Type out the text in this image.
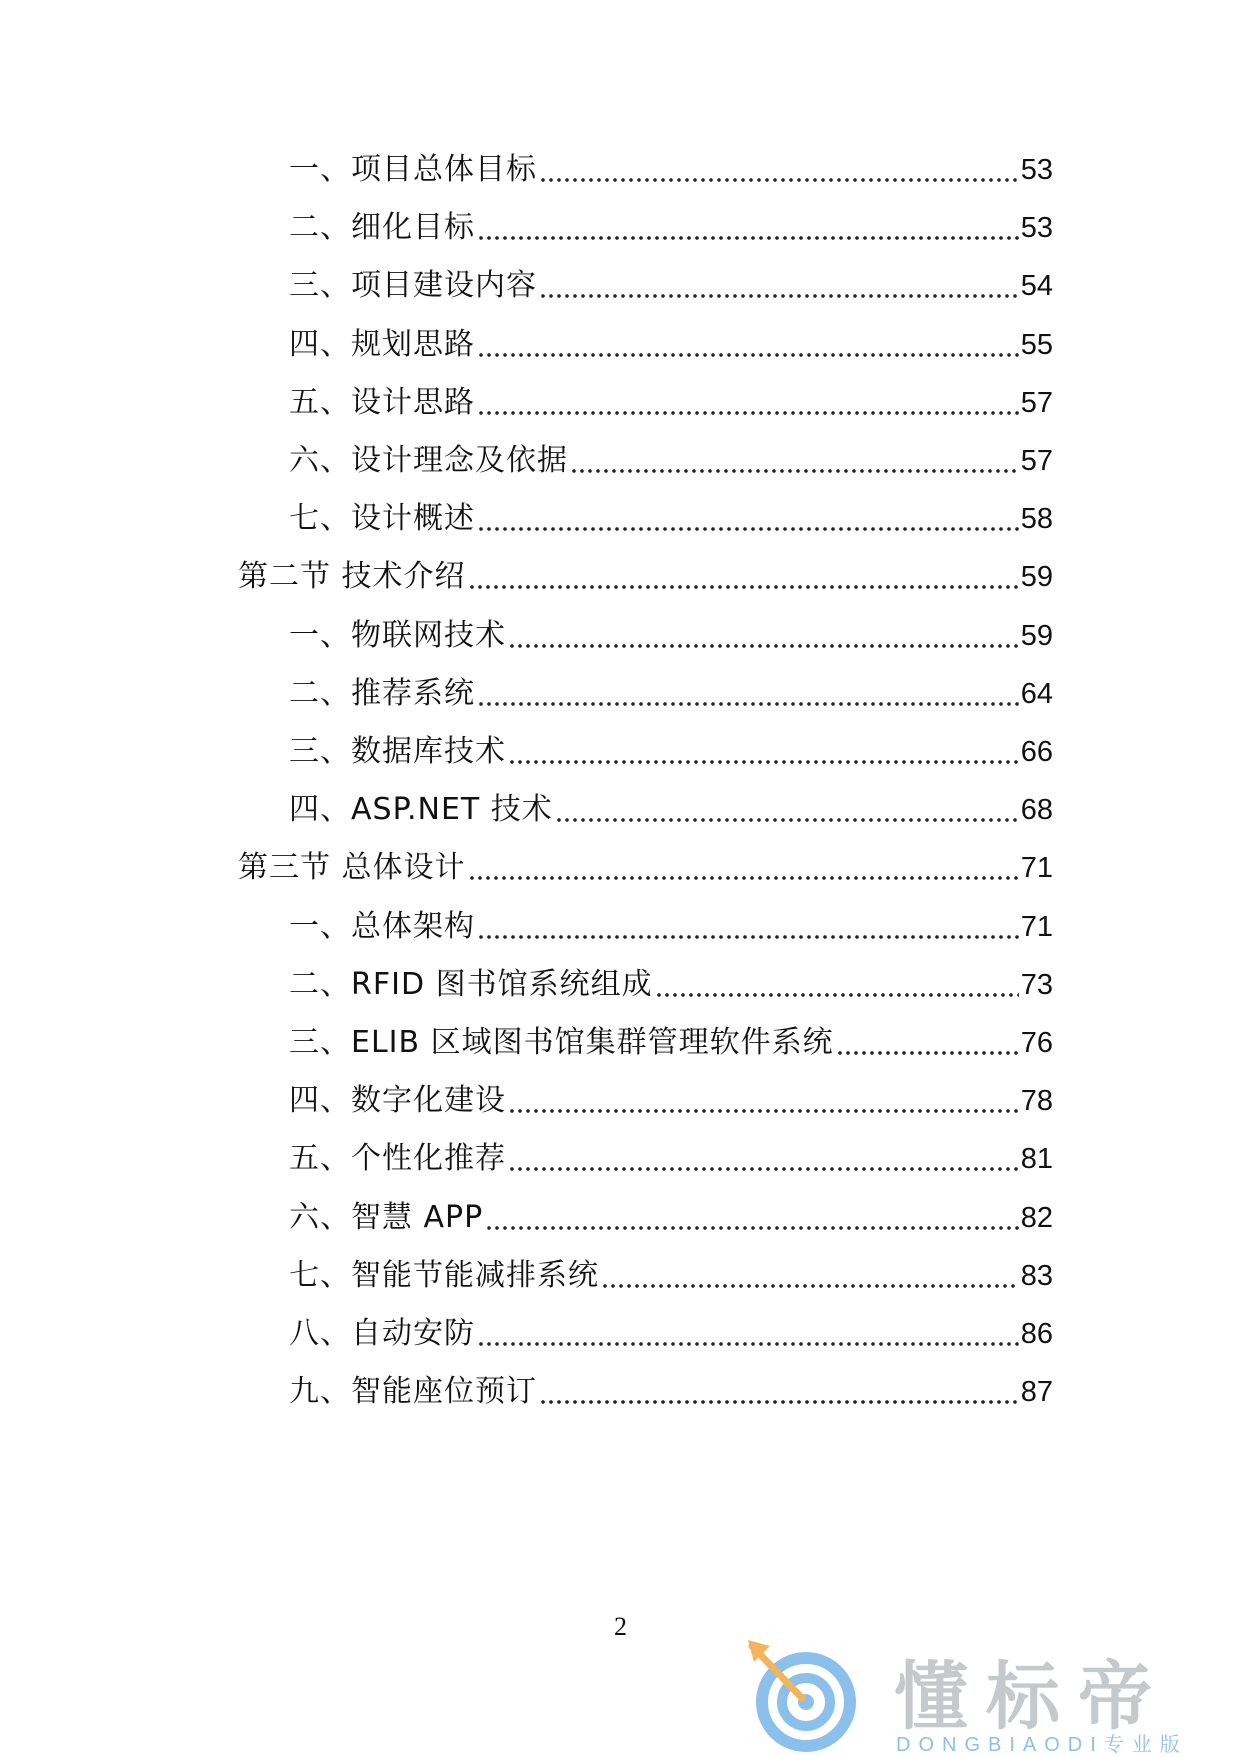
一、项目总体目标	53
二、细化目标	53
三、项目建设内容	54
四、规划思路	55
五、设计思路	57
六、设计理念及依据	57
七、设计概述	58
第二节 技术介绍	59
一、物联网技术	59
二、推荐系统	64
三、数据库技术	66
四、ASP.NET 技术	68
第三节 总体设计	71
一、总体架构	71
二、RFID 图书馆系统组成	73
三、ELIB 区域图书馆集群管理软件系统	76
四、数字化建设	78
五、个性化推荐	81
六、智慧 APP	82
七、智能节能减排系统	83
八、自动安防	86
九、智能座位预订	87
2
懂标帝
DONGBIAODI专业版
